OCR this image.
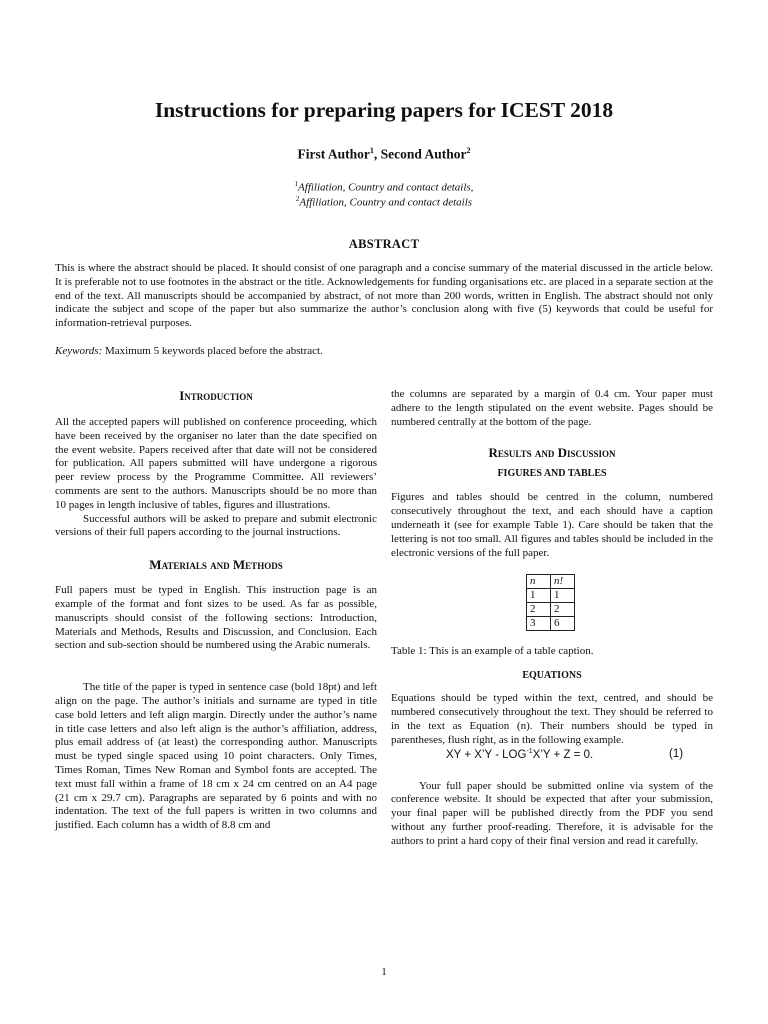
Instructions for preparing papers for ICEST 2018

First Author$^1$, Second Author$^2$

$^1$Affiliation, Country and contact details,

$^2$Affiliation, Country and contact details

ABSTRACT

This is where the abstract should be placed. It should consist of one paragraph and a concise summary of the material discussed in the article below. It is preferable not to use footnotes in the abstract or the title. Acknowledgements for funding organisations etc. are placed in a separate section at the end of the text. All manuscripts should be accompanied by abstract, of not more than 200 words, written in English. The abstract should not only indicate the subject and scope of the paper but also summarize the author’s conclusion along with five (5) keywords that could be useful for information-retrieval purposes.

Keywords: Maximum 5 keywords placed before the abstract.

Introduction

All the accepted papers will published on conference proceeding, which have been received by the organiser no later than the date specified on the event website. Papers received after that date will not be considered for publication. All papers submitted will have undergone a rigorous peer review process by the Programme Committee. All reviewers’ comments are sent to the authors. Manuscripts should be no more than 10 pages in length inclusive of tables, figures and illustrations.

Successful authors will be asked to prepare and submit electronic versions of their full papers according to the journal instructions.

Materials and Methods

Full papers must be typed in English. This instruction page is an example of the format and font sizes to be used. As far as possible, manuscripts should consist of the following sections: Introduction, Materials and Methods, Results and Discussion, and Conclusion. Each section and sub-section should be numbered using the Arabic numerals.

The title of the paper is typed in sentence case (bold 18pt) and left align on the page. The author’s initials and surname are typed in title case bold letters and left align margin. Directly under the author’s name in title case letters and also left align is the author’s affiliation, address, plus email address of (at least) the corresponding author. Manuscripts must be typed single spaced using 10 point characters. Only Times, Times Roman, Times New Roman and Symbol fonts are accepted. The text must fall within a frame of 18 cm x 24 cm centred on an A4 page (21 cm x 29.7 cm). Paragraphs are separated by 6 points and with no indentation. The text of the full papers is written in two columns and justified. Each column has a width of 8.8 cm and

the columns are separated by a margin of 0.4 cm. Your paper must adhere to the length stipulated on the event website. Pages should be numbered centrally at the bottom of the page.

Results and Discussion
FIGURES AND TABLES

Figures and tables should be centred in the column, numbered consecutively throughout the text, and each should have a caption underneath it (see for example Table 1). Care should be taken that the lettering is not too small. All figures and tables should be included in the electronic versions of the full paper.

n	n!
1	1
2	2
3	6

Table 1: This is an example of a table caption.

EQUATIONS

Equations should be typed within the text, centred, and should be numbered consecutively throughout the text. They should be referred to in the text as Equation (n). Their numbers should be typed in parentheses, flush right, as in the following example.

XY + X’Y - $LOG^{-1}X’Y + Z = 0$.	(1)

Your full paper should be submitted online via system of the conference website. It should be expected that after your submission, your final paper will be published directly from the PDF you send without any further proof-reading. Therefore, it is advisable for the authors to print a hard copy of their final version and read it carefully.

1
